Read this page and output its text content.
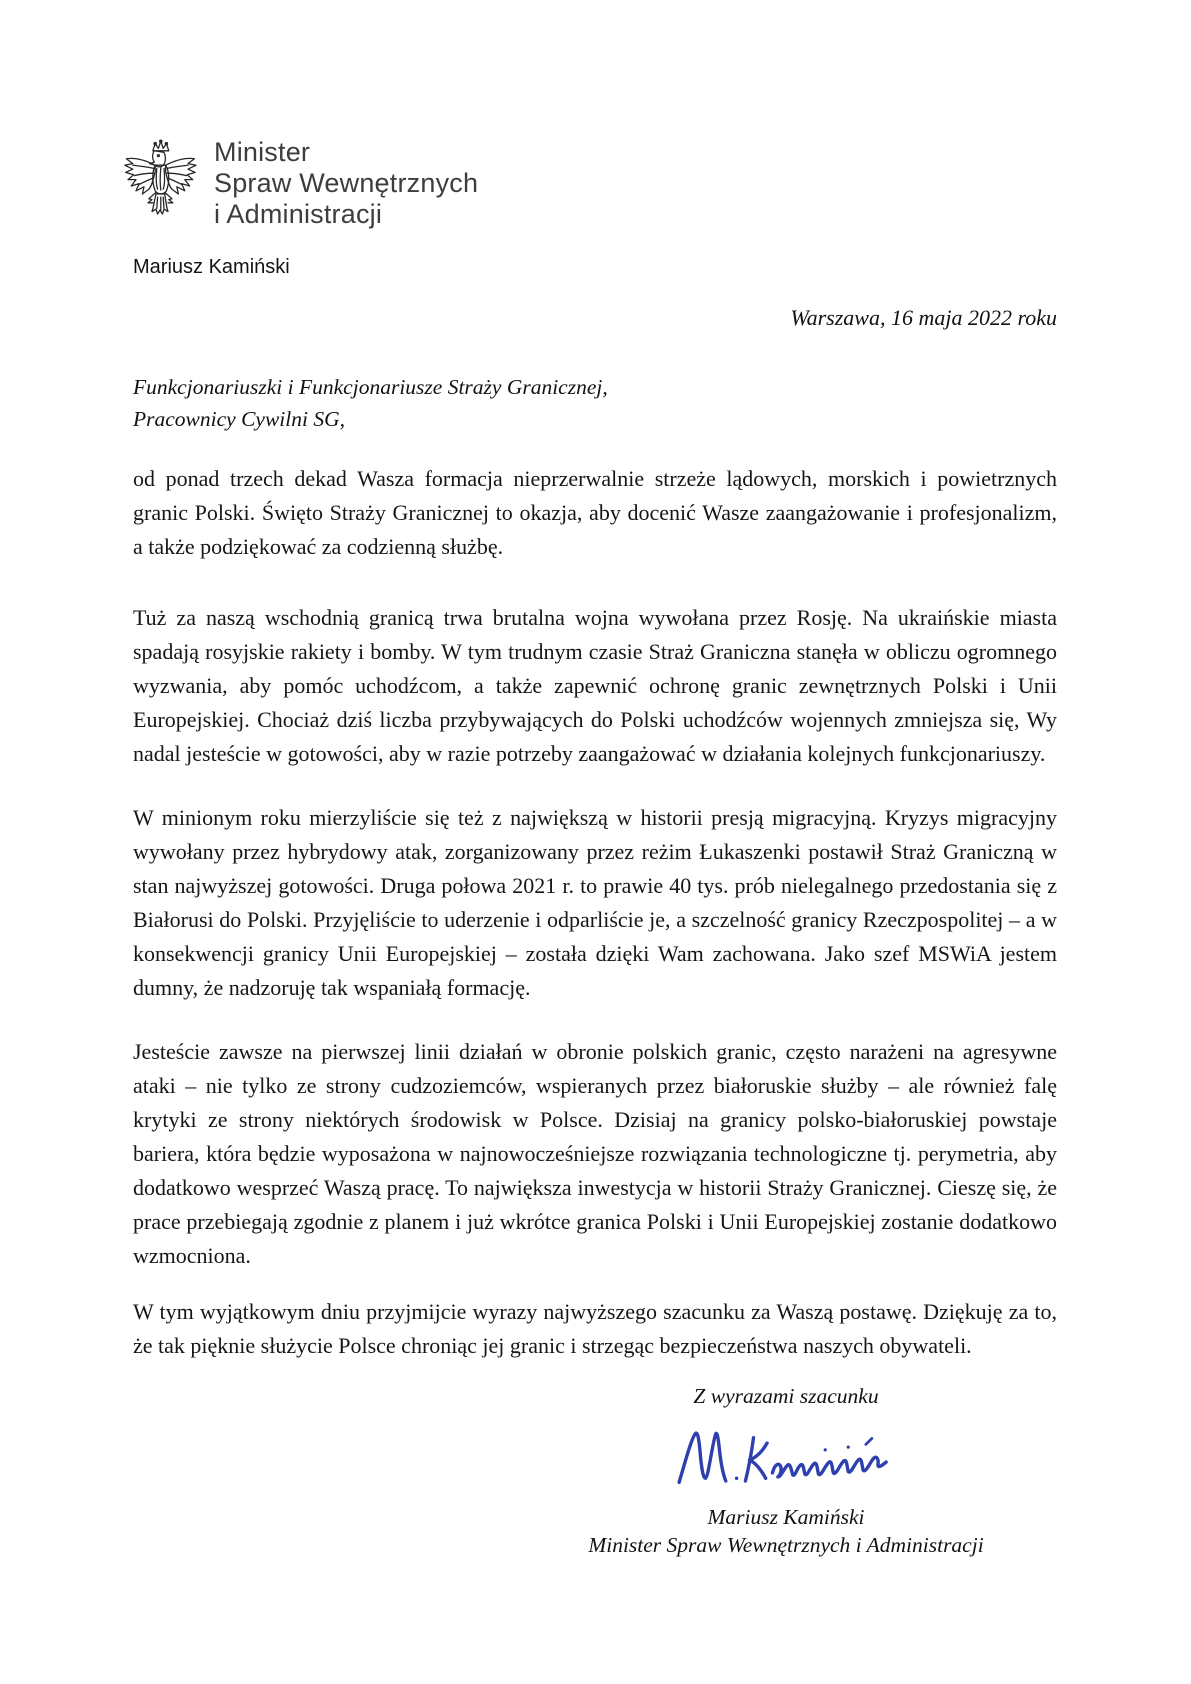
Minister
Spraw Wewnętrznych
i Administracji
Mariusz Kamiński
Warszawa, 16 maja 2022 roku
Funkcjonariuszki i Funkcjonariusze Straży Granicznej,
Pracownicy Cywilni SG,

od ponad trzech dekad Wasza formacja nieprzerwalnie strzeże lądowych, morskich i powietrznych granic Polski. Święto Straży Granicznej to okazja, aby docenić Wasze zaangażowanie i profesjonalizm, a także podziękować za codzienną służbę.

Tuż za naszą wschodnią granicą trwa brutalna wojna wywołana przez Rosję. Na ukraińskie miasta spadają rosyjskie rakiety i bomby. W tym trudnym czasie Straż Graniczna stanęła w obliczu ogromnego wyzwania, aby pomóc uchodźcom, a także zapewnić ochronę granic zewnętrznych Polski i Unii Europejskiej. Chociaż dziś liczba przybywających do Polski uchodźców wojennych zmniejsza się, Wy nadal jesteście w gotowości, aby w razie potrzeby zaangażować w działania kolejnych funkcjonariuszy.

W minionym roku mierzyliście się też z największą w historii presją migracyjną. Kryzys migracyjny wywołany przez hybrydowy atak, zorganizowany przez reżim Łukaszenki postawił Straż Graniczną w stan najwyższej gotowości. Druga połowa 2021 r. to prawie 40 tys. prób nielegalnego przedostania się z Białorusi do Polski. Przyjęliście to uderzenie i odparliście je, a szczelność granicy Rzeczpospolitej – a w konsekwencji granicy Unii Europejskiej – została dzięki Wam zachowana. Jako szef MSWiA jestem dumny, że nadzoruję tak wspaniałą formację.

Jesteście zawsze na pierwszej linii działań w obronie polskich granic, często narażeni na agresywne ataki – nie tylko ze strony cudzoziemców, wspieranych przez białoruskie służby – ale również falę krytyki ze strony niektórych środowisk w Polsce. Dzisiaj na granicy polsko-białoruskiej powstaje bariera, która będzie wyposażona w najnowocześniejsze rozwiązania technologiczne tj. perymetria, aby dodatkowo wesprzeć Waszą pracę. To największa inwestycja w historii Straży Granicznej. Cieszę się, że prace przebiegają zgodnie z planem i już wkrótce granica Polski i Unii Europejskiej zostanie dodatkowo wzmocniona.

W tym wyjątkowym dniu przyjmijcie wyrazy najwyższego szacunku za Waszą postawę. Dziękuję za to, że tak pięknie służycie Polsce chroniąc jej granic i strzegąc bezpieczeństwa naszych obywateli.

Z wyrazami szacunku
Mariusz Kamiński
Minister Spraw Wewnętrznych i Administracji
